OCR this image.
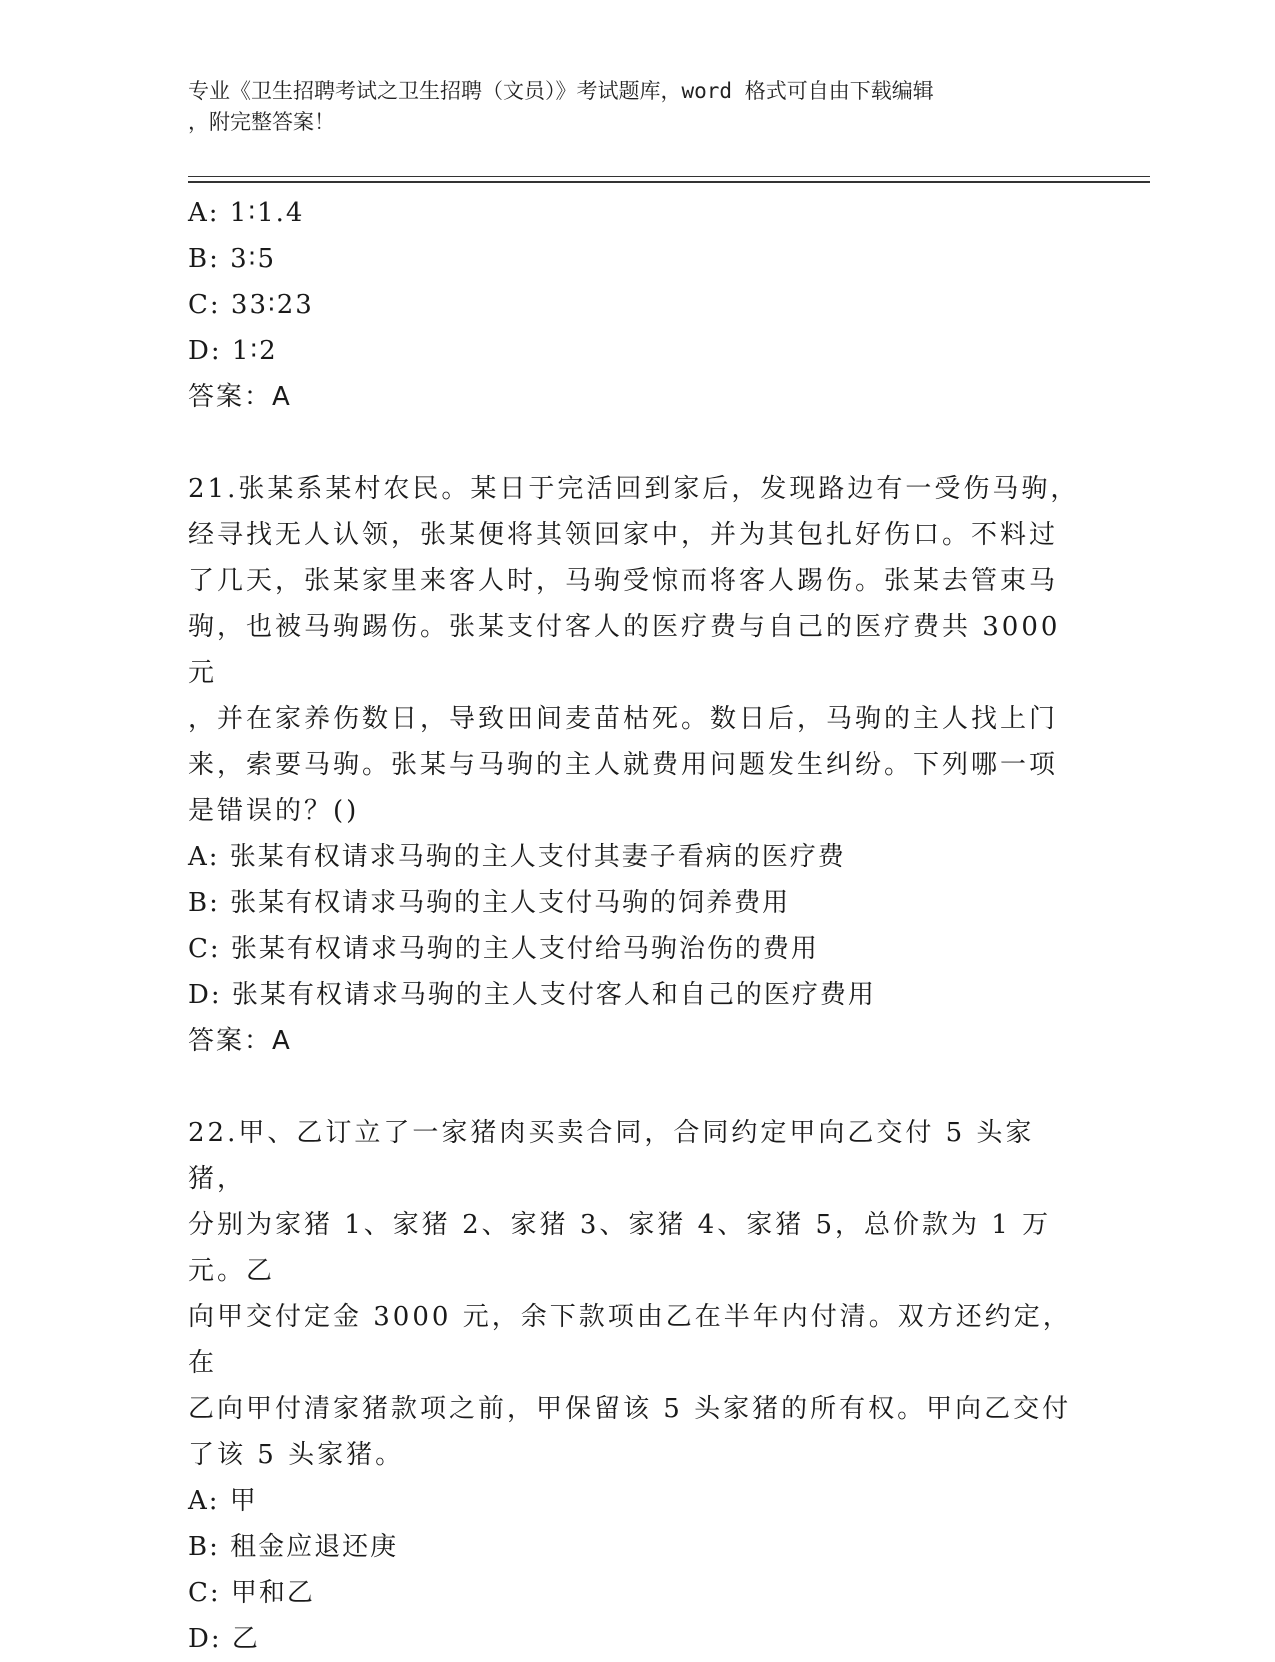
专业《卫生招聘考试之卫生招聘（文员）》考试题库，word 格式可自由下载编辑
，附完整答案！
A: 1∶1.4
B: 3∶5
C: 33∶23
D: 1∶2
答案：A
21.张某系某村农民。某日于完活回到家后，发现路边有一受伤马驹，
经寻找无人认领，张某便将其领回家中，并为其包扎好伤口。不料过
了几天，张某家里来客人时，马驹受惊而将客人踢伤。张某去管束马
驹，也被马驹踢伤。张某支付客人的医疗费与自己的医疗费共 3000 元
，并在家养伤数日，导致田间麦苗枯死。数日后，马驹的主人找上门
来，索要马驹。张某与马驹的主人就费用问题发生纠纷。下列哪一项
是错误的？()
A: 张某有权请求马驹的主人支付其妻子看病的医疗费
B: 张某有权请求马驹的主人支付马驹的饲养费用
C: 张某有权请求马驹的主人支付给马驹治伤的费用
D: 张某有权请求马驹的主人支付客人和自己的医疗费用
答案：A
22.甲、乙订立了一家猪肉买卖合同，合同约定甲向乙交付 5 头家猪，
分别为家猪 1、家猪 2、家猪 3、家猪 4、家猪 5，总价款为 1 万元。乙
向甲交付定金 3000 元，余下款项由乙在半年内付清。双方还约定，在
乙向甲付清家猪款项之前，甲保留该 5 头家猪的所有权。甲向乙交付
了该 5 头家猪。
A: 甲
B: 租金应退还庚
C: 甲和乙
D: 乙
